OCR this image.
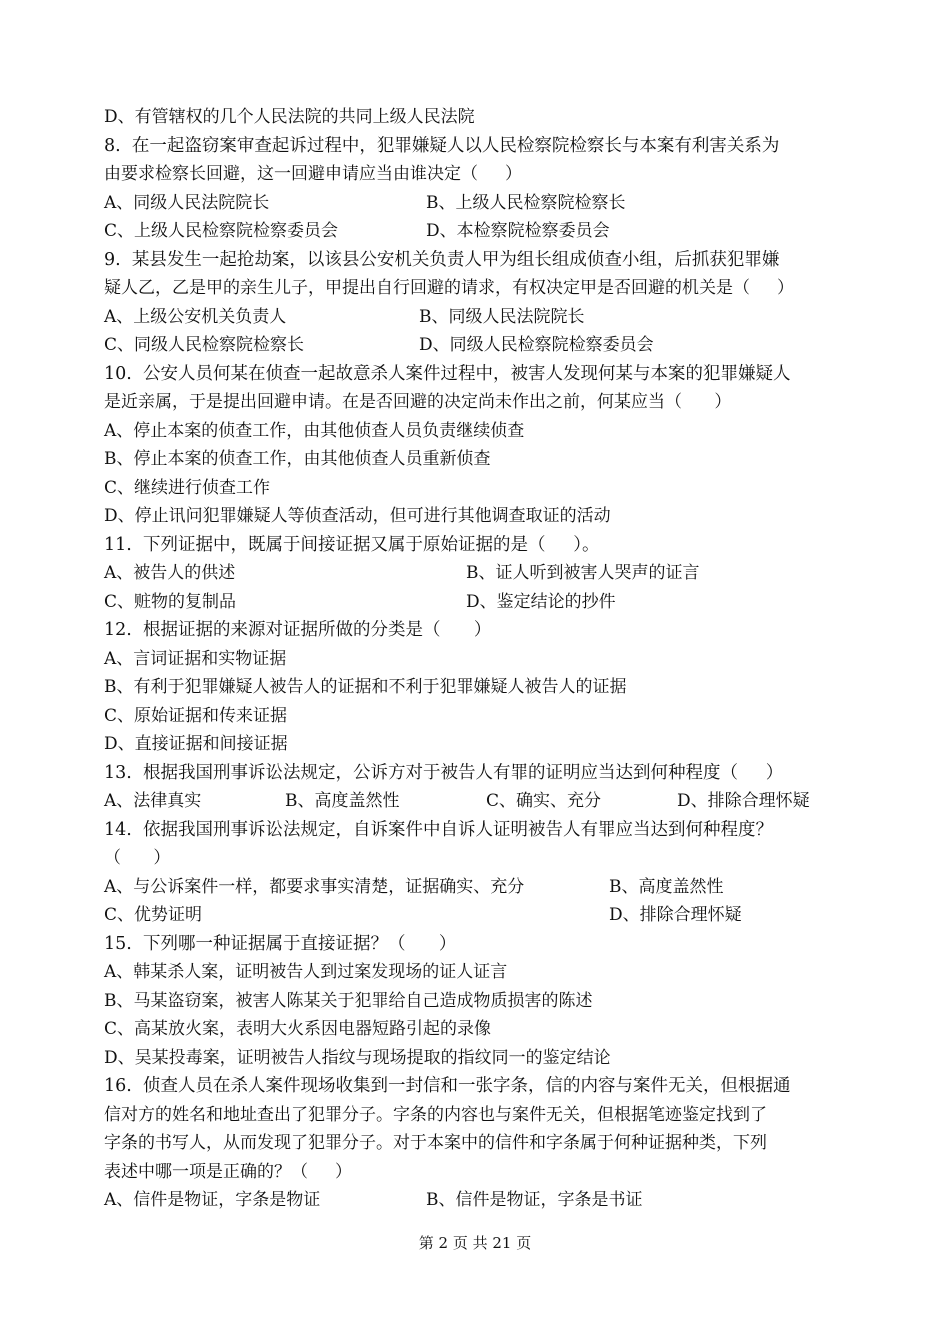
D、有管辖权的几个人民法院的共同上级人民法院
8.  在一起盗窃案审查起诉过程中，犯罪嫌疑人以人民检察院检察长与本案有利害关系为
由要求检察长回避，这一回避申请应当由谁决定（     ）
A、同级人民法院院长	B、上级人民检察院检察长
C、上级人民检察院检察委员会	D、本检察院检察委员会
9.  某县发生一起抢劫案，以该县公安机关负责人甲为组长组成侦查小组，后抓获犯罪嫌
疑人乙，乙是甲的亲生儿子，甲提出自行回避的请求，有权决定甲是否回避的机关是（     ）
A、上级公安机关负责人	B、同级人民法院院长
C、同级人民检察院检察长	D、同级人民检察院检察委员会
10.  公安人员何某在侦查一起故意杀人案件过程中，被害人发现何某与本案的犯罪嫌疑人
是近亲属，于是提出回避申请。在是否回避的决定尚未作出之前，何某应当（      ）
A、停止本案的侦查工作，由其他侦查人员负责继续侦查
B、停止本案的侦查工作，由其他侦查人员重新侦查
C、继续进行侦查工作
D、停止讯问犯罪嫌疑人等侦查活动，但可进行其他调查取证的活动
11.  下列证据中，既属于间接证据又属于原始证据的是（     ）。
A、被告人的供述	B、证人听到被害人哭声的证言
C、赃物的复制品	D、鉴定结论的抄件
12.  根据证据的来源对证据所做的分类是（      ）
A、言词证据和实物证据
B、有利于犯罪嫌疑人被告人的证据和不利于犯罪嫌疑人被告人的证据
C、原始证据和传来证据
D、直接证据和间接证据
13.  根据我国刑事诉讼法规定，公诉方对于被告人有罪的证明应当达到何种程度（     ）
A、法律真实	B、高度盖然性	C、确实、充分	D、排除合理怀疑
14.  依据我国刑事诉讼法规定，自诉案件中自诉人证明被告人有罪应当达到何种程度？
（      ）
A、与公诉案件一样，都要求事实清楚，证据确实、充分	B、高度盖然性
C、优势证明	D、排除合理怀疑
15.  下列哪一种证据属于直接证据？（      ）
A、韩某杀人案，证明被告人到过案发现场的证人证言
B、马某盗窃案，被害人陈某关于犯罪给自己造成物质损害的陈述
C、高某放火案，表明大火系因电器短路引起的录像
D、吴某投毒案，证明被告人指纹与现场提取的指纹同一的鉴定结论
16.  侦查人员在杀人案件现场收集到一封信和一张字条，信的内容与案件无关，但根据通
信对方的姓名和地址查出了犯罪分子。字条的内容也与案件无关，但根据笔迹鉴定找到了
字条的书写人，从而发现了犯罪分子。对于本案中的信件和字条属于何种证据种类，下列
表述中哪一项是正确的？（     ）
A、信件是物证，字条是物证	B、信件是物证，字条是书证
第 2 页 共 21 页
